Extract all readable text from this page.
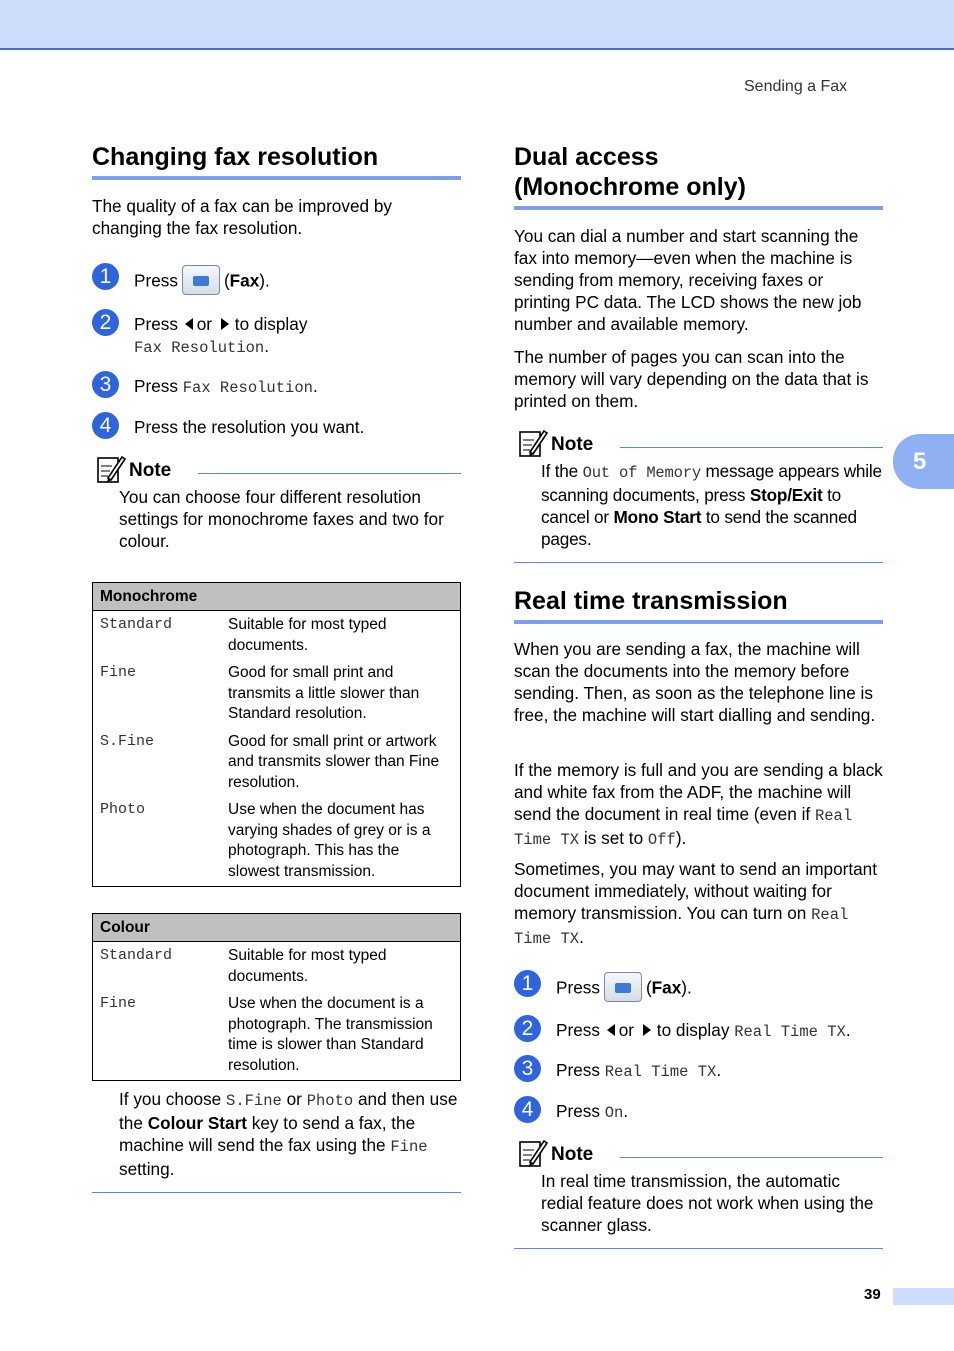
Sending a Fax
Changing fax resolution

The quality of a fax can be improved by changing the fax resolution.

1	Press	(Fax).
2	Press or to display
Fax Resolution.
3	Press Fax Resolution.
4	Press the resolution you want.
Note
You can choose four different resolution settings for monochrome faxes and two for colour.
Monochrome	
Standard	Suitable for most typed documents.
Fine	Good for small print and transmits a little slower than Standard resolution.
S.Fine	Good for small print or artwork and transmits slower than Fine resolution.
Photo	Use when the document has varying shades of grey or is a photograph. This has the slowest transmission.
Colour	
Standard	Suitable for most typed documents.
Fine	Use when the document is a photograph. The transmission time is slower than Standard resolution.
If you choose S.Fine or Photo and then use the Colour Start key to send a fax, the machine will send the fax using the Fine setting.
Dual access
(Monochrome only)

You can dial a number and start scanning the fax into memory—even when the machine is sending from memory, receiving faxes or printing PC data. The LCD shows the new job number and available memory.

The number of pages you can scan into the memory will vary depending on the data that is printed on them.

Note
If the Out of Memory message appears while scanning documents, press Stop/Exit to cancel or Mono Start to send the scanned pages.
Real time transmission

When you are sending a fax, the machine will scan the documents into the memory before sending. Then, as soon as the telephone line is free, the machine will start dialling and sending.

If the memory is full and you are sending a black and white fax from the ADF, the machine will send the document in real time (even if Real Time TX is set to Off).

Sometimes, you may want to send an important document immediately, without waiting for memory transmission. You can turn on Real Time TX.

1	Press	(Fax).
2	Press or to display Real Time TX.
3	Press Real Time TX.
4	Press On.
Note
In real time transmission, the automatic redial feature does not work when using the scanner glass.
5
39
